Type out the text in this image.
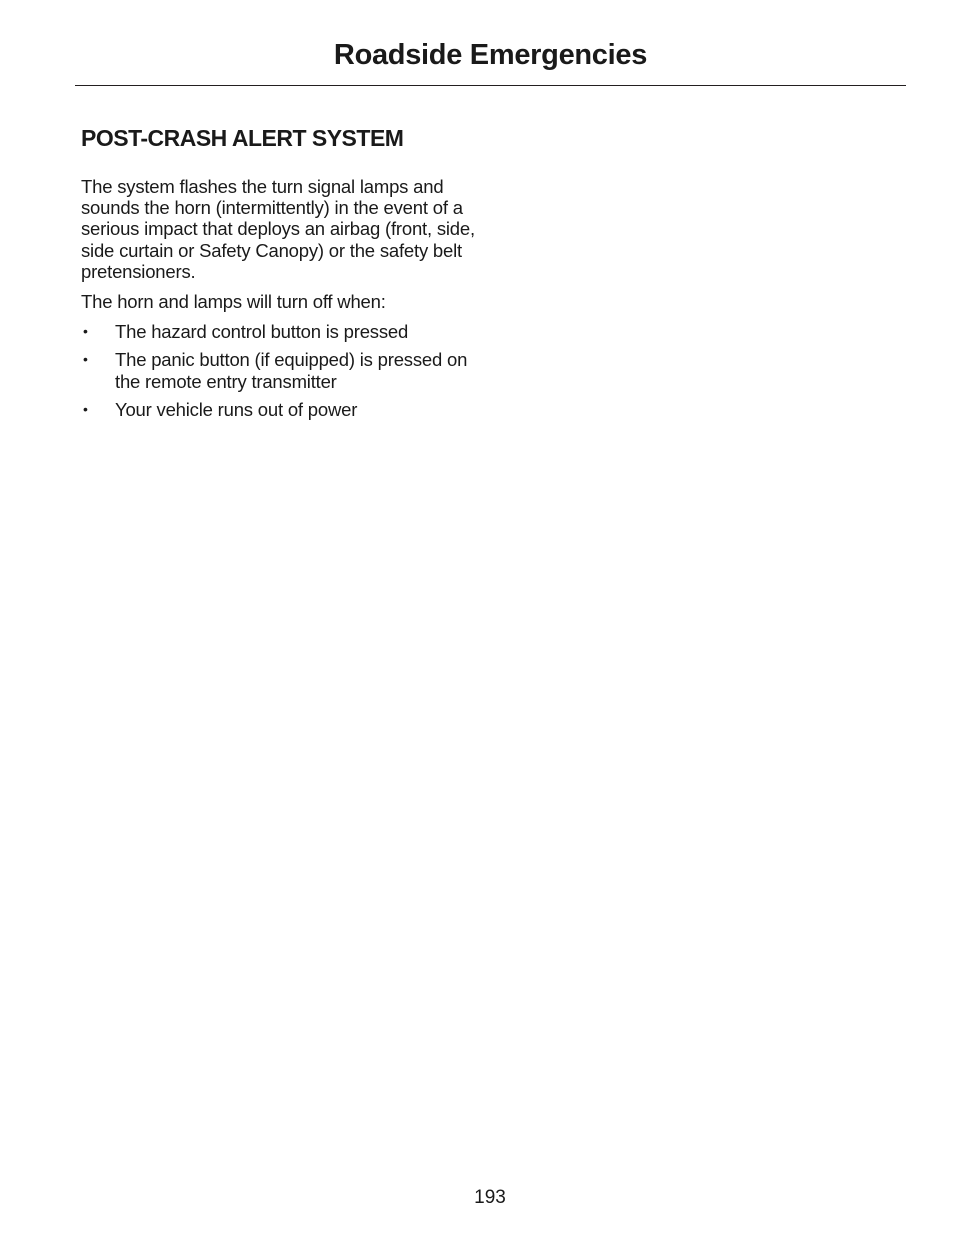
Roadside Emergencies
POST-CRASH ALERT SYSTEM

The system flashes the turn signal lamps and sounds the horn (intermittently) in the event of a serious impact that deploys an airbag (front, side, side curtain or Safety Canopy) or the safety belt pretensioners.

The horn and lamps will turn off when:

• The hazard control button is pressed
• The panic button (if equipped) is pressed on the remote entry transmitter
• Your vehicle runs out of power
193
